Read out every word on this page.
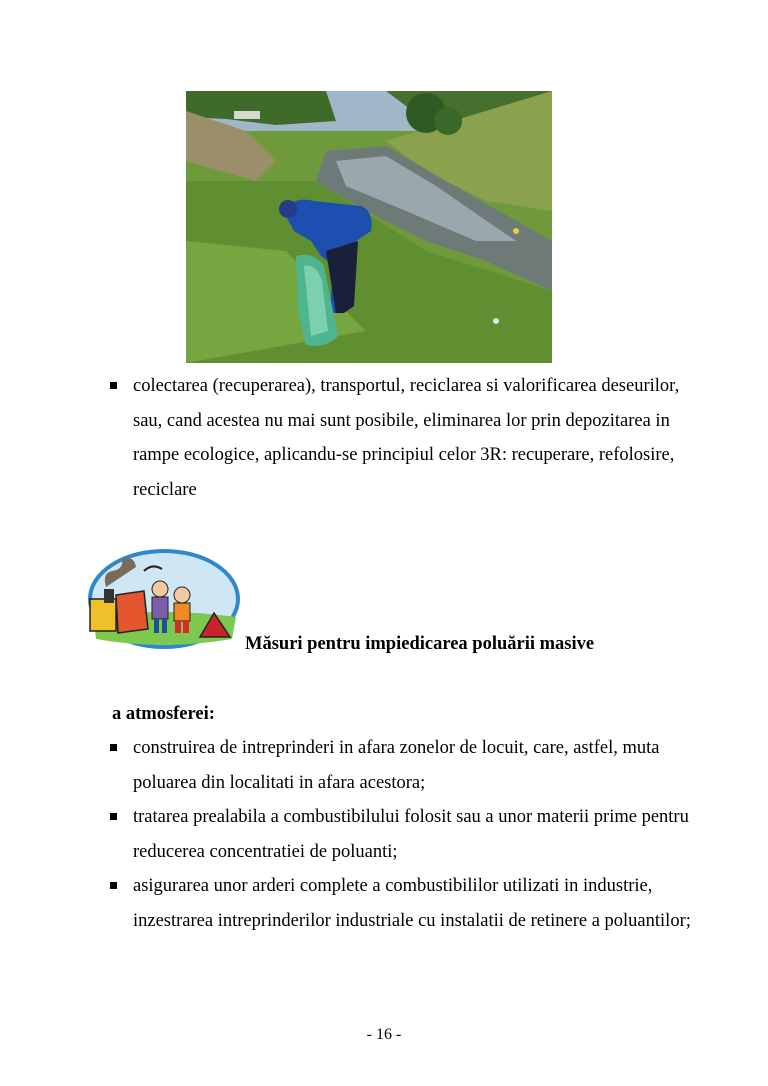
colectarea (recuperarea), transportul, reciclarea si valorificarea deseurilor, sau, cand acestea nu mai sunt posibile, eliminarea lor prin depozitarea in rampe ecologice, aplicandu-se principiul celor 3R: recuperare, refolosire, reciclare
Măsuri pentru impiedicarea poluării masive
a atmosferei:
construirea de intreprinderi in afara zonelor de locuit, care, astfel, muta poluarea din localitati in afara acestora;
tratarea prealabila a combustibilului folosit sau a unor materii prime pentru reducerea concentratiei de poluanti;
asigurarea unor arderi complete a combustibililor utilizati in industrie, inzestrarea intreprinderilor industriale cu instalatii de retinere a poluantilor;
- 16 -
